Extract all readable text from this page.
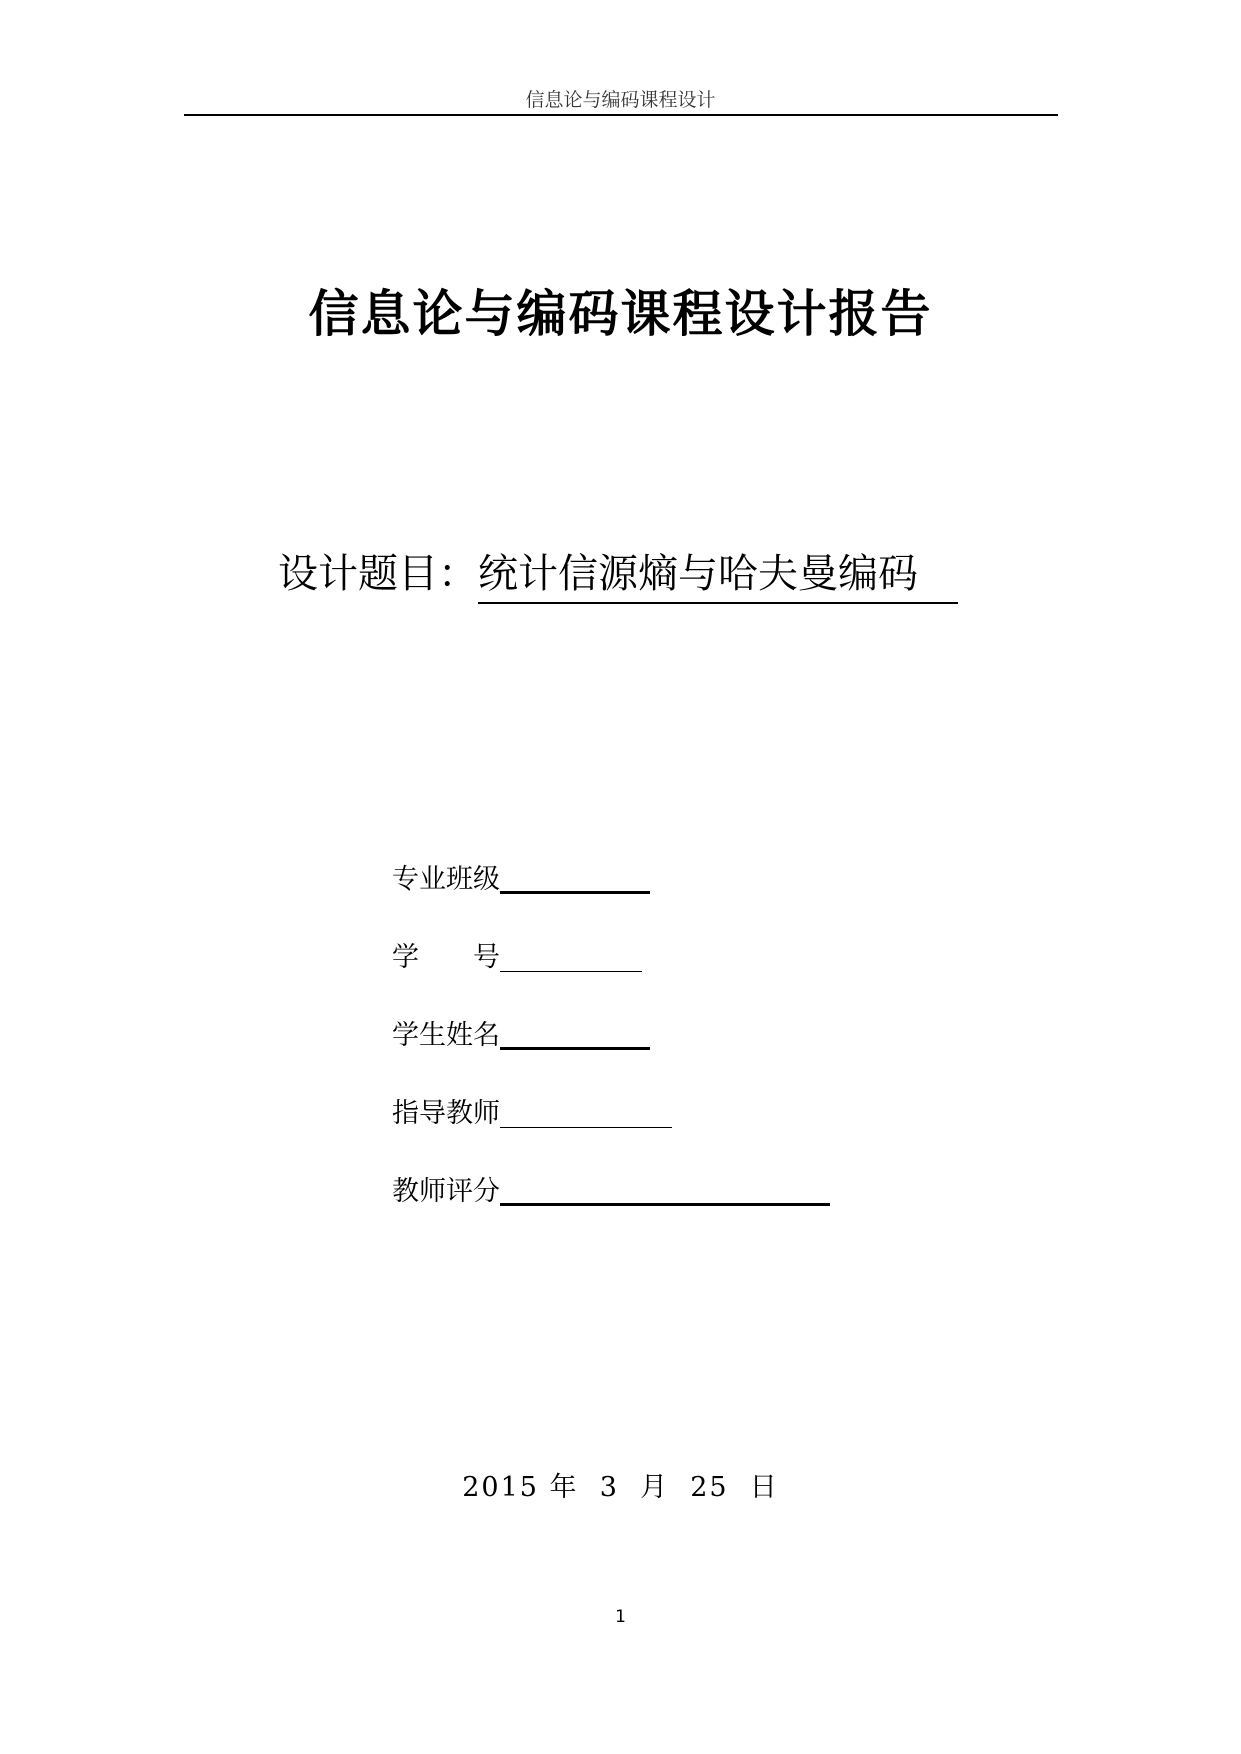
信息论与编码课程设计
信息论与编码课程设计报告
设计题目：统计信源熵与哈夫曼编码
专业班级
学　　号
学生姓名
指导教师
教师评分
2015 年 3 月 25 日
1
